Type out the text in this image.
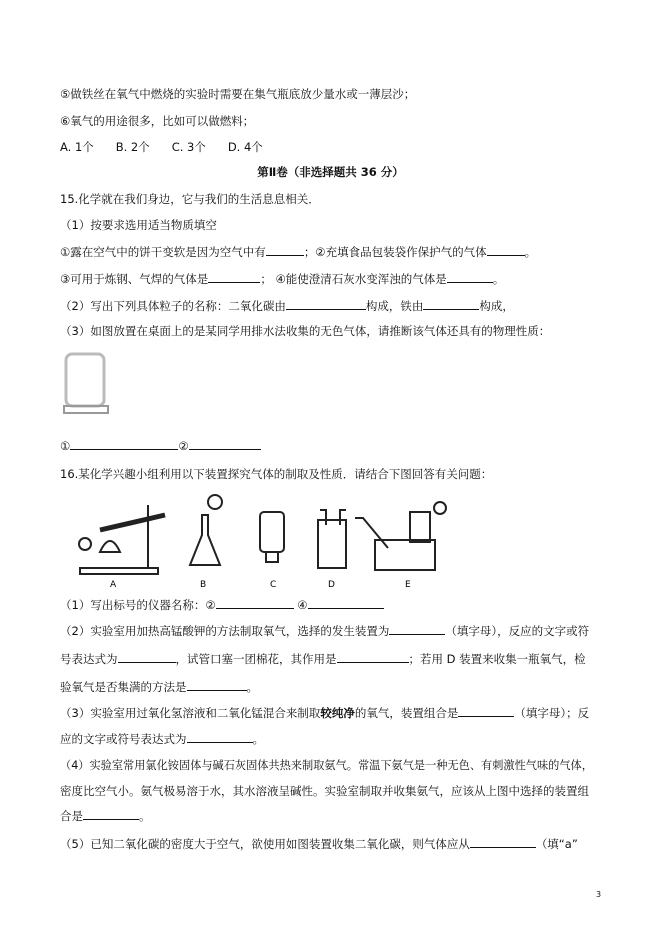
⑤做铁丝在氧气中燃烧的实验时需要在集气瓶底放少量水或一薄层沙；
⑥氧气的用途很多，比如可以做燃料；
A. 1个 B. 2个 C. 3个 D. 4个
第Ⅱ卷（非选择题共 36 分）
15.化学就在我们身边，它与我们的生活息息相关．
（1）按要求选用适当物质填空
①露在空气中的饼干变软是因为空气中有	；②充填食品包装袋作保护气的气体	。
③可用于炼钢、气焊的气体是	； ④能使澄清石灰水变浑浊的气体是	。
（2）写出下列具体粒子的名称：二氧化碳由	构成，铁由	构成，
（3）如图放置在桌面上的是某同学用排水法收集的无色气体，请推断该气体还具有的物理性质：
①	②
16.某化学兴趣小组利用以下装置探究气体的制取及性质．请结合下图回答有关问题：
A	B	C	D	E
（1）写出标号的仪器名称：②	④
（2）实验室用加热高锰酸钾的方法制取氧气，选择的发生装置为	（填字母），反应的文字或符
号表达式为	，试管口塞一团棉花，其作用是	；若用 D 装置来收集一瓶氧气，检
验氧气是否集满的方法是	。
（3）实验室用过氧化氢溶液和二氧化锰混合来制取较纯净的氧气，装置组合是	（填字母）；反
应的文字或符号表达式为	。
（4）实验室常用氯化铵固体与碱石灰固体共热来制取氨气。常温下氨气是一种无色、有刺激性气味的气体，
密度比空气小。氨气极易溶于水，其水溶液呈碱性。实验室制取并收集氨气，应该从上图中选择的装置组
合是	。
（5）已知二氧化碳的密度大于空气，欲使用如图装置收集二氧化碳，则气体应从	（填“a”
3
